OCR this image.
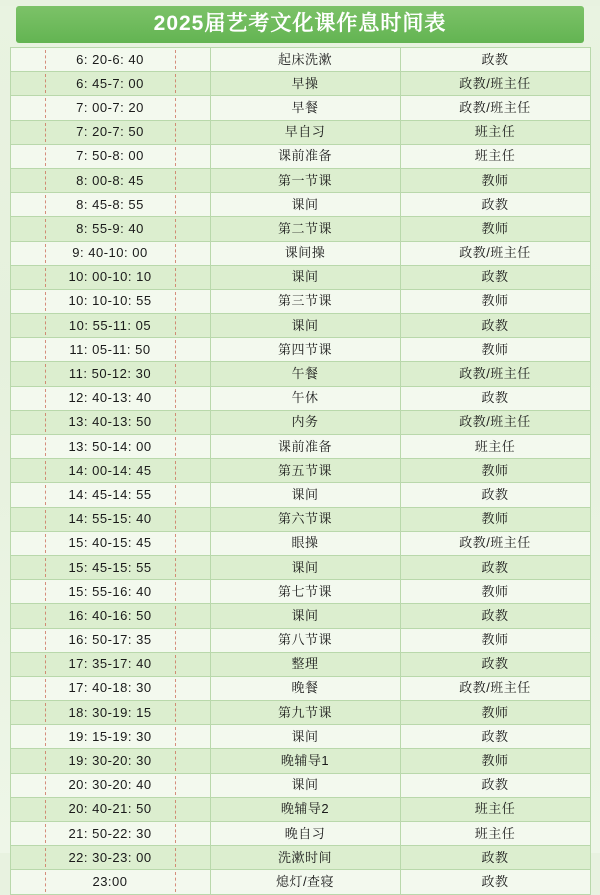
2025届艺考文化课作息时间表
6: 20-6: 40	起床洗漱	政教
6: 45-7: 00	早操	政教/班主任
7: 00-7: 20	早餐	政教/班主任
7: 20-7: 50	早自习	班主任
7: 50-8: 00	课前准备	班主任
8: 00-8: 45	第一节课	教师
8: 45-8: 55	课间	政教
8: 55-9: 40	第二节课	教师
9: 40-10: 00	课间操	政教/班主任
10: 00-10: 10	课间	政教
10: 10-10: 55	第三节课	教师
10: 55-11: 05	课间	政教
11: 05-11: 50	第四节课	教师
11: 50-12: 30	午餐	政教/班主任
12: 40-13: 40	午休	政教
13: 40-13: 50	内务	政教/班主任
13: 50-14: 00	课前准备	班主任
14: 00-14: 45	第五节课	教师
14: 45-14: 55	课间	政教
14: 55-15: 40	第六节课	教师
15: 40-15: 45	眼操	政教/班主任
15: 45-15: 55	课间	政教
15: 55-16: 40	第七节课	教师
16: 40-16: 50	课间	政教
16: 50-17: 35	第八节课	教师
17: 35-17: 40	整理	政教
17: 40-18: 30	晚餐	政教/班主任
18: 30-19: 15	第九节课	教师
19: 15-19: 30	课间	政教
19: 30-20: 30	晚辅导1	教师
20: 30-20: 40	课间	政教
20: 40-21: 50	晚辅导2	班主任
21: 50-22: 30	晚自习	班主任
22: 30-23: 00	洗漱时间	政教
23:00	熄灯/查寝	政教
